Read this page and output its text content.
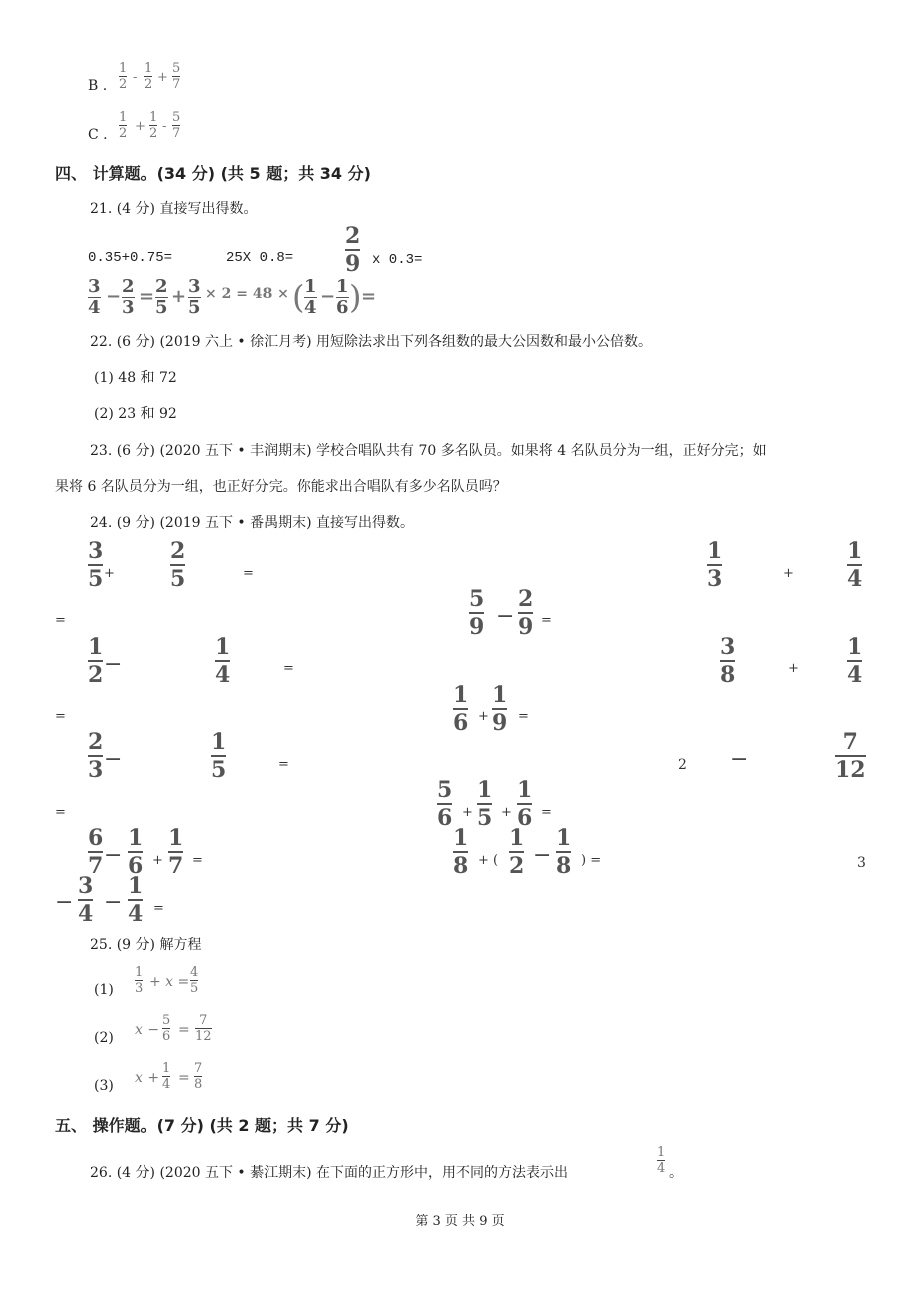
B .
1
2 -
1
2 +
5
7
C .
1
2 +
1
2 -
5
7
四、 计算题。(34 分) (共 5 题；共 34 分)
21. (4 分) 直接写出得数。
0.35+0.75=	25X 0.8=
2
9 x 0.3=
3
4
− 2
3
= 2
5
+ 3
5
× 2 = 48 × ( 1
4
− 1
6 ) =
22. (6 分) (2019 六上 • 徐汇月考) 用短除法求出下列各组数的最大公因数和最小公倍数。
(1) 48 和 72
(2) 23 和 92
23. (6 分) (2020 五下 • 丰润期末) 学校合唱队共有 70 多名队员。如果将 4 名队员分为一组，正好分完；如
果将 6 名队员分为一组，也正好分完。你能求出合唱队有多少名队员吗？
24. (9 分) (2019 五下 • 番禺期末) 直接写出得数。
3
5 +
2
5	=
1
3	+
1
4
=
5
9 −
2
9 =
1
2 −
1
4	=
3
8	+
1
4
=
1
6 +
1
9 =
2
3 −
1
5	=	2 −
7
12
=
5
6 +
1
5 +
1
6 =
6
7 −
1
6 +
1
7 =
1
8 + (
1
2 −
1
8 ) =	3
−
3
4 −
1
4 =
25. (9 分) 解方程
(1)
1
3 + x =
4
5
(2) x −
5
6 =
7
12
(3) x +
1
4 =
7
8
五、 操作题。(7 分) (共 2 题；共 7 分)
26. (4 分) (2020 五下 • 綦江期末) 在下面的正方形中，用不同的方法表示出
1
4 。
第 3 页 共 9 页
